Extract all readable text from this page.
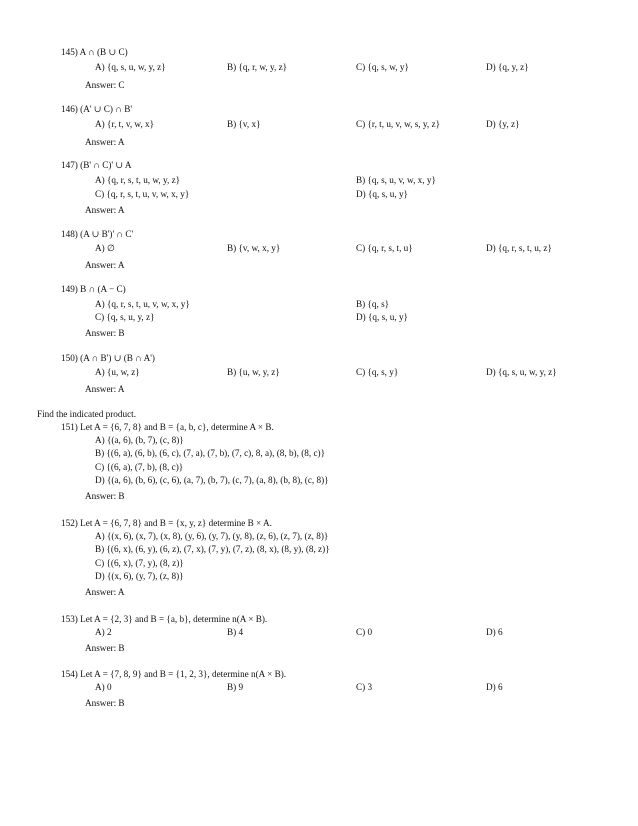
145) A ∩ (B ∪ C)
A) {q, s, u, w, y, z}	B) {q, r, w, y, z}	C) {q, s, w, y}	D) {q, y, z}
Answer: C
146) (A' ∪ C) ∩ B'
A) {r, t, v, w, x}	B) {v, x}	C) {r, t, u, v, w, s, y, z}	D) {y, z}
Answer: A
147) (B' ∩ C)' ∪ A
A) {q, r, s, t, u, w, y, z}	B) {q, s, u, v, w, x, y}
C) {q, r, s, t, u, v, w, x, y}	D) {q, s, u, y}
Answer: A
148) (A ∪ B')' ∩ C'
A) ∅	B) {v, w, x, y}	C) {q, r, s, t, u}	D) {q, r, s, t, u, z}
Answer: A
149) B ∩ (A − C)
A) {q, r, s, t, u, v, w, x, y}	B) {q, s}
C) {q, s, u, y, z}	D) {q, s, u, y}
Answer: B
150) (A ∩ B') ∪ (B ∩ A')
A) {u, w, z}	B) {u, w, y, z}	C) {q, s, y}	D) {q, s, u, w, y, z}
Answer: A
Find the indicated product.
151) Let A = {6, 7, 8} and B = {a, b, c}, determine A × B.
A) {(a, 6), (b, 7), (c, 8)}
B) {(6, a), (6, b), (6, c), (7, a), (7, b), (7, c), 8, a), (8, b), (8, c)}
C) {(6, a), (7, b), (8, c)}
D) {(a, 6), (b, 6), (c, 6), (a, 7), (b, 7), (c, 7), (a, 8), (b, 8), (c, 8)}
Answer: B
152) Let A = {6, 7, 8} and B = {x, y, z} determine B × A.
A) {(x, 6), (x, 7), (x, 8), (y, 6), (y, 7), (y, 8), (z, 6), (z, 7), (z, 8)}
B) {(6, x), (6, y), (6, z), (7, x), (7, y), (7, z), (8, x), (8, y), (8, z)}
C) {(6, x), (7, y), (8, z)}
D) {(x, 6), (y, 7), (z, 8)}
Answer: A
153) Let A = {2, 3} and B = {a, b}, determine n(A × B).
A) 2	B) 4	C) 0	D) 6
Answer: B
154) Let A = {7, 8, 9} and B = {1, 2, 3}, determine n(A × B).
A) 0	B) 9	C) 3	D) 6
Answer: B
